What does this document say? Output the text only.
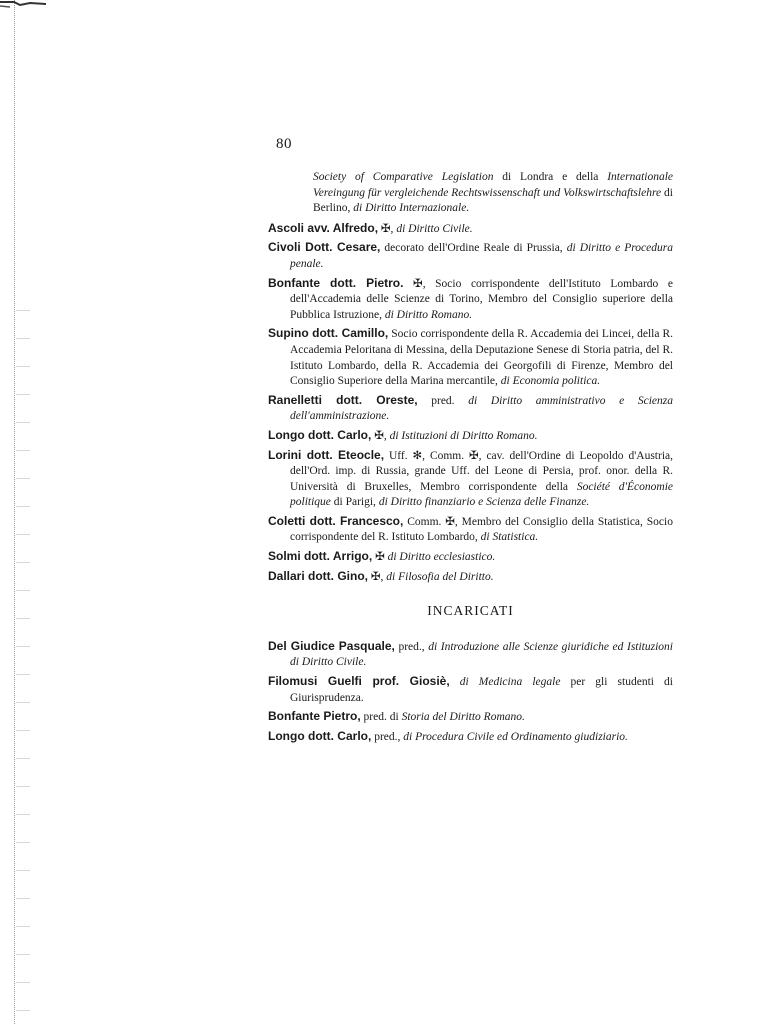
80

Society of Comparative Legislation di Londra e della Internationale Vereingung für vergleichende Rechtswissenschaft und Volkswirtschaftslehre di Berlino, di Diritto Internazionale.

Ascoli avv. Alfredo, ✠, di Diritto Civile.

Civoli Dott. Cesare, decorato dell'Ordine Reale di Prussia, di Diritto e Procedura penale.

Bonfante dott. Pietro. ✠, Socio corrispondente dell'Istituto Lombardo e dell'Accademia delle Scienze di Torino, Membro del Consiglio superiore della Pubblica Istruzione, di Diritto Romano.

Supino dott. Camillo, Socio corrispondente della R. Accademia dei Lincei, della R. Accademia Peloritana di Messina, della Deputazione Senese di Storia patria, del R. Istituto Lombardo, della R. Accademia dei Georgofili di Firenze, Membro del Consiglio Superiore della Marina mercantile, di Economia politica.

Ranelletti dott. Oreste, pred. di Diritto amministrativo e Scienza dell'amministrazione.

Longo dott. Carlo, ✠, di Istituzioni di Diritto Romano.

Lorini dott. Eteocle, Uff. ✻, Comm. ✠, cav. dell'Ordine di Leopoldo d'Austria, dell'Ord. imp. di Russia, grande Uff. del Leone di Persia, prof. onor. della R. Università di Bruxelles, Membro corrispondente della Société d'Économie politique di Parigi, di Diritto finanziario e Scienza delle Finanze.

Coletti dott. Francesco, Comm. ✠, Membro del Consiglio della Statistica, Socio corrispondente del R. Istituto Lombardo, di Statistica.

Solmi dott. Arrigo, ✠ di Diritto ecclesiastico.

Dallari dott. Gino, ✠, di Filosofia del Diritto.

INCARICATI

Del Giudice Pasquale, pred., di Introduzione alle Scienze giuridiche ed Istituzioni di Diritto Civile.

Filomusi Guelfi prof. Giosiè, di Medicina legale per gli studenti di Giurisprudenza.

Bonfante Pietro, pred. di Storia del Diritto Romano.

Longo dott. Carlo, pred., di Procedura Civile ed Ordinamento giudiziario.
